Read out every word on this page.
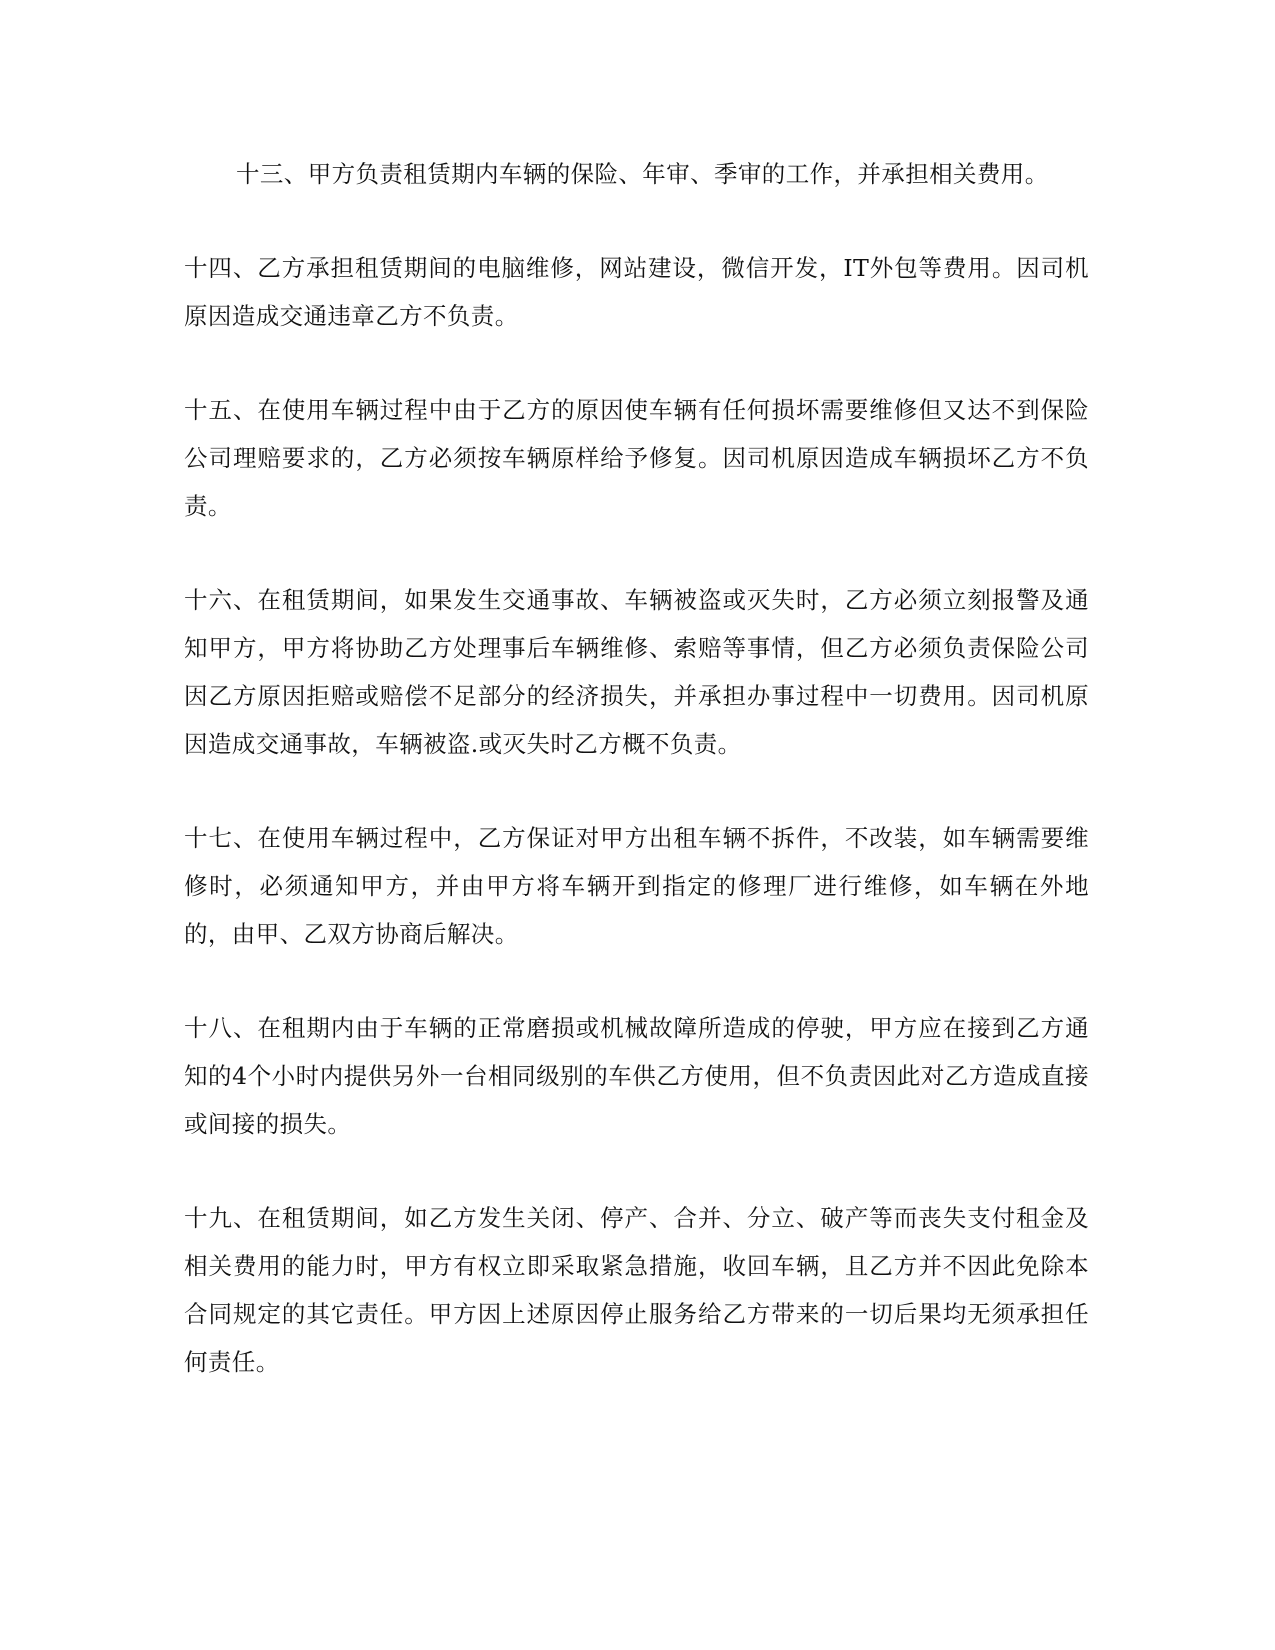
十三、甲方负责租赁期内车辆的保险、年审、季审的工作，并承担相关费用。

十四、乙方承担租赁期间的电脑维修，网站建设，微信开发，IT外包等费用。因司机原因造成交通违章乙方不负责。

十五、在使用车辆过程中由于乙方的原因使车辆有任何损坏需要维修但又达不到保险公司理赔要求的，乙方必须按车辆原样给予修复。因司机原因造成车辆损坏乙方不负责。

十六、在租赁期间，如果发生交通事故、车辆被盗或灭失时，乙方必须立刻报警及通知甲方，甲方将协助乙方处理事后车辆维修、索赔等事情，但乙方必须负责保险公司因乙方原因拒赔或赔偿不足部分的经济损失，并承担办事过程中一切费用。因司机原因造成交通事故，车辆被盗.或灭失时乙方概不负责。

十七、在使用车辆过程中，乙方保证对甲方出租车辆不拆件，不改装，如车辆需要维修时，必须通知甲方，并由甲方将车辆开到指定的修理厂进行维修，如车辆在外地的，由甲、乙双方协商后解决。

十八、在租期内由于车辆的正常磨损或机械故障所造成的停驶，甲方应在接到乙方通知的4个小时内提供另外一台相同级别的车供乙方使用，但不负责因此对乙方造成直接或间接的损失。

十九、在租赁期间，如乙方发生关闭、停产、合并、分立、破产等而丧失支付租金及相关费用的能力时，甲方有权立即采取紧急措施，收回车辆，且乙方并不因此免除本合同规定的其它责任。甲方因上述原因停止服务给乙方带来的一切后果均无须承担任何责任。
